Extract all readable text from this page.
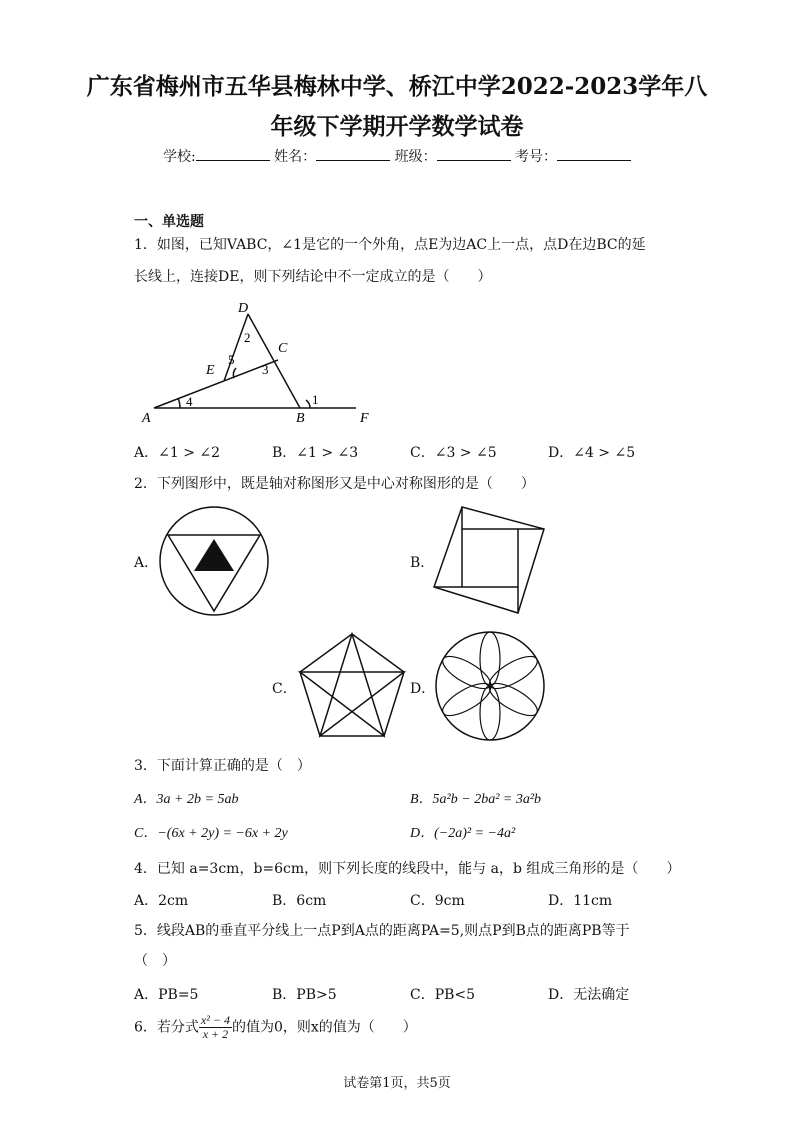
广东省梅州市五华县梅林中学、桥江中学2022-2023学年八
年级下学期开学数学试卷
学校:	姓名：	班级：	考号：
一、单选题
1．如图，已知VABC，∠1是它的一个外角，点E为边AC上一点，点D在边BC的延
长线上，连接DE，则下列结论中不一定成立的是（　　）
D
2
C
E
5
3
A
4
B
1
F
A．∠1 > ∠2	B．∠1 > ∠3	C．∠3 > ∠5	D．∠4 > ∠5
2．下列图形中，既是轴对称图形又是中心对称图形的是（　　）
A．	B．
C．	D．
3．下面计算正确的是（　）
A．3a + 2b = 5ab	B．5a²b − 2ba² = 3a²b
C．−(6x + 2y) = −6x + 2y	D．(−2a)² = −4a²
4．已知 a=3cm，b=6cm，则下列长度的线段中，能与 a，b 组成三角形的是（　　）
A．2cm	B．6cm	C．9cm	D．11cm
5．线段AB的垂直平分线上一点P到A点的距离PA=5,则点P到B点的距离PB等于
（　）
A．PB=5	B．PB>5	C．PB<5	D．无法确定
6．若分式 $\frac{\text{x² − 4}}{x + 2}$ 的值为0，则x的值为（　　）
试卷第1页，共5页
